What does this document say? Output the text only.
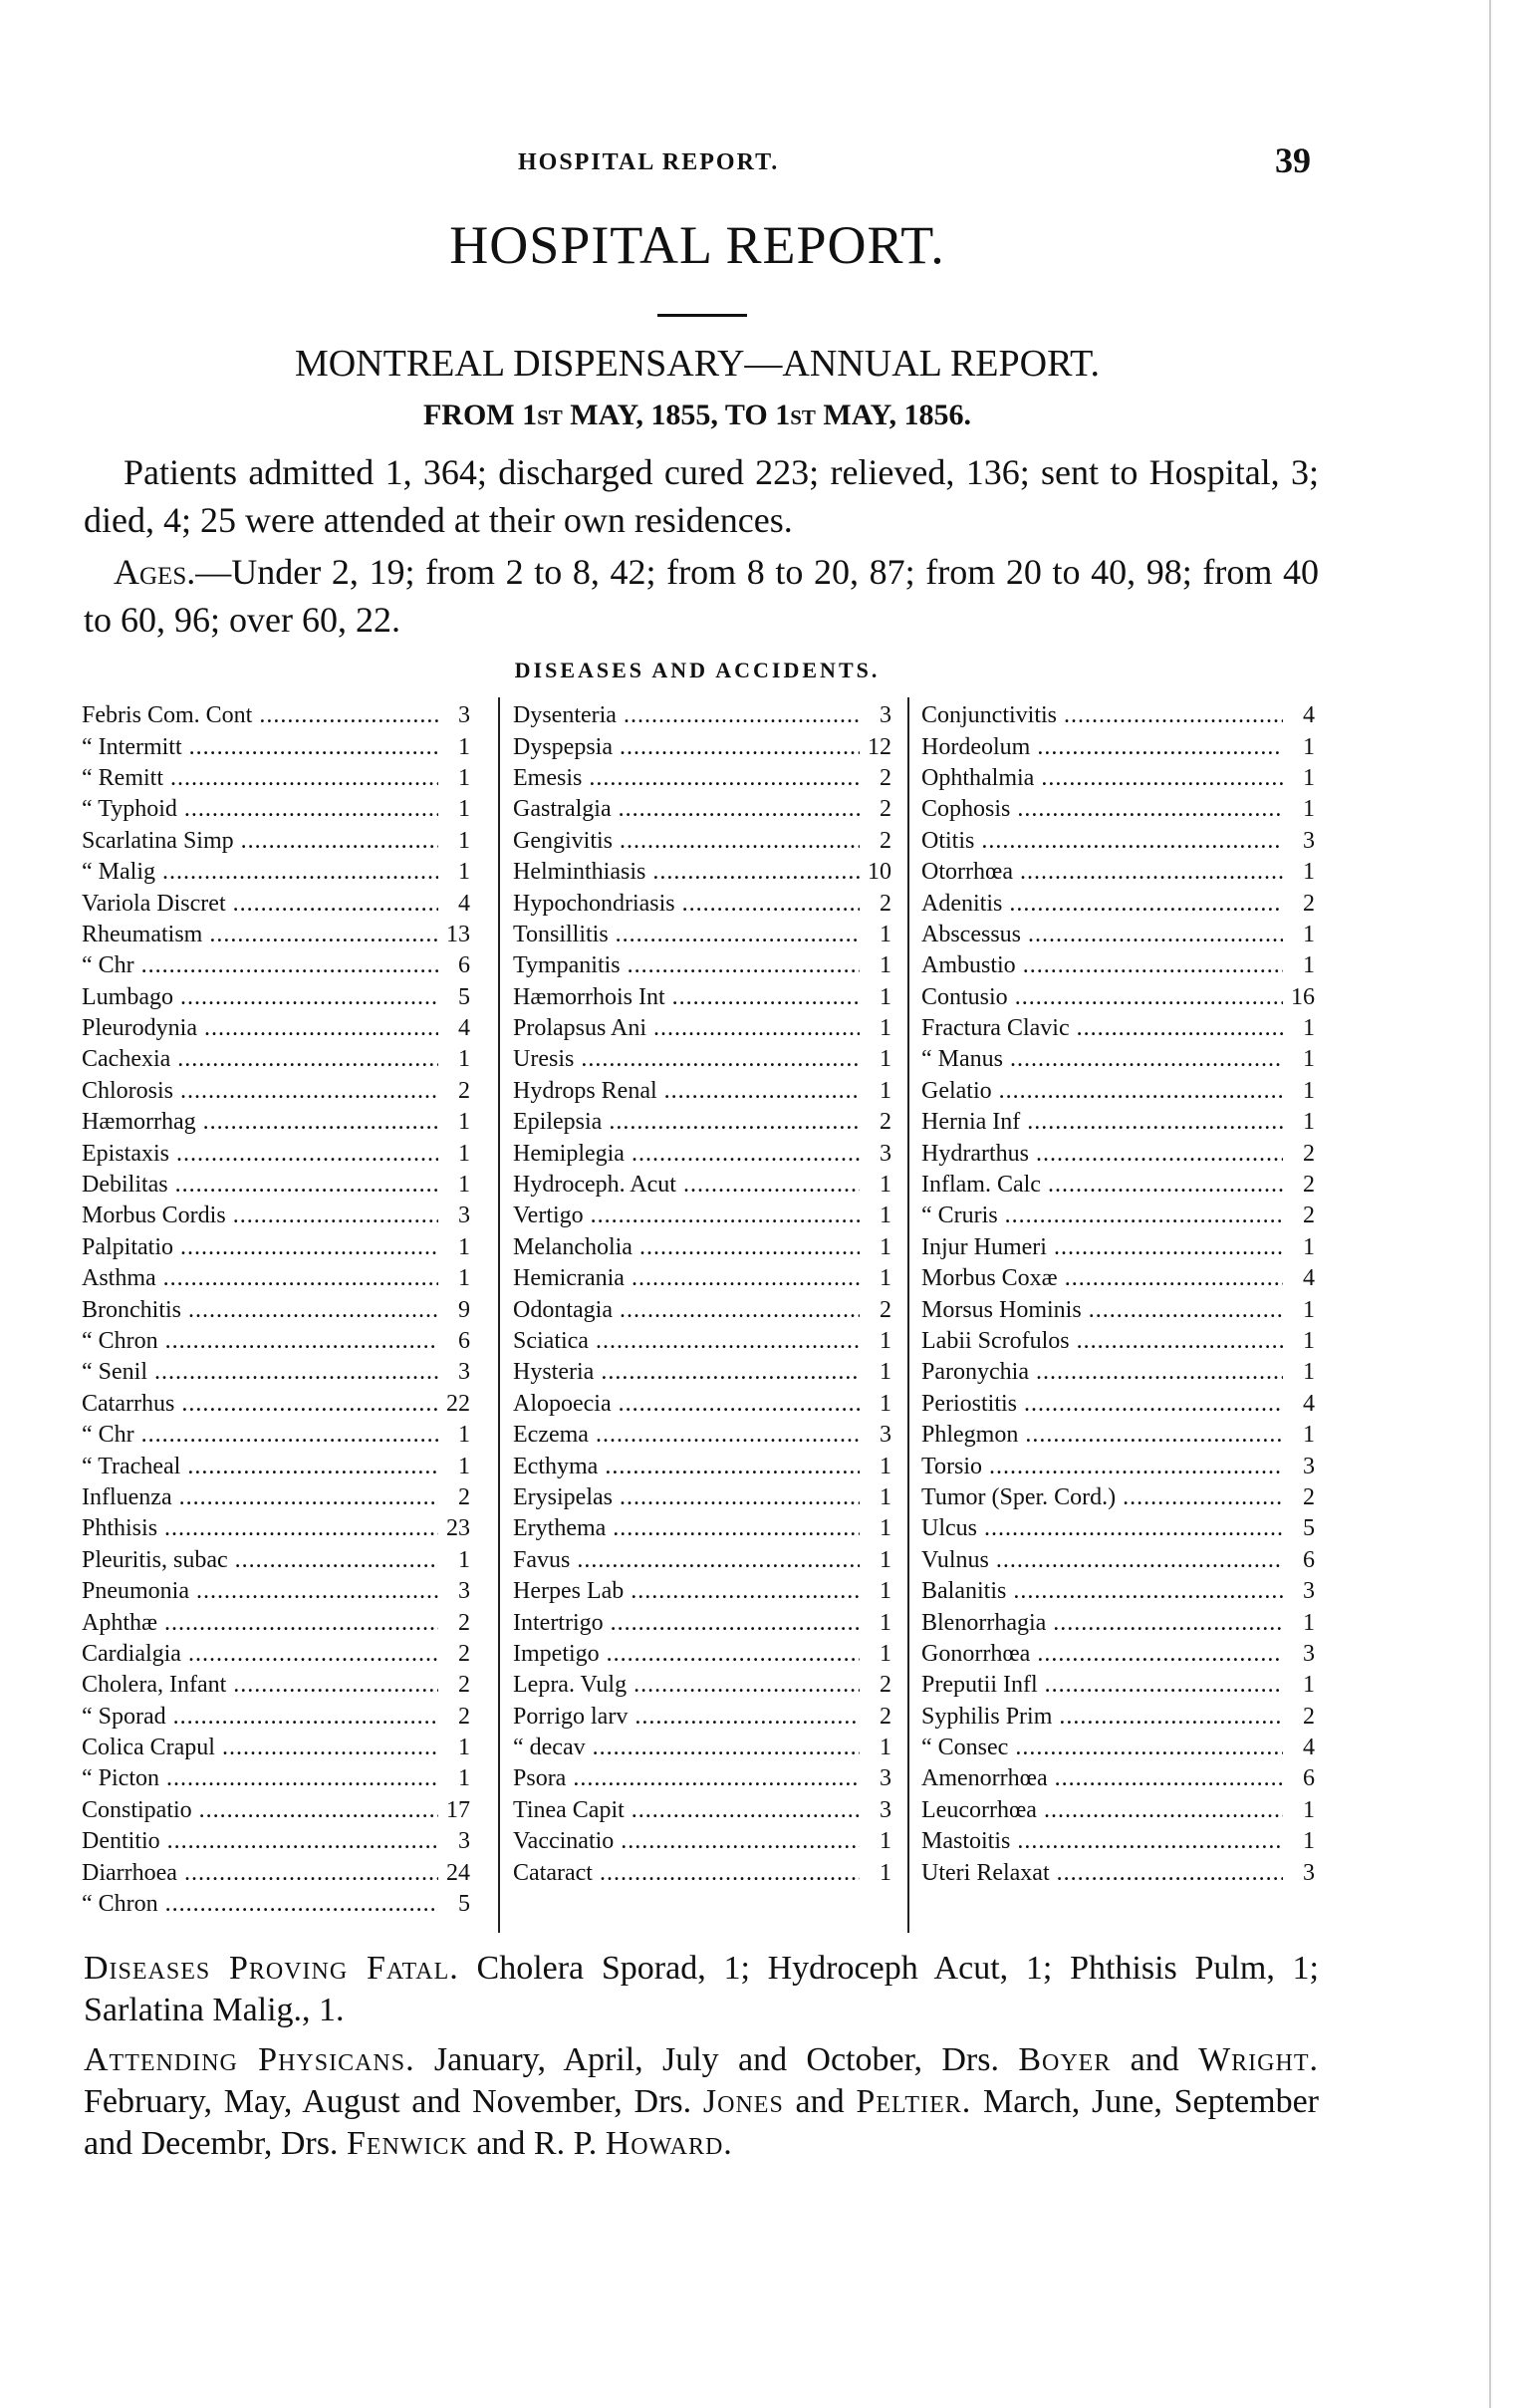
HOSPITAL REPORT.	39
HOSPITAL REPORT.
MONTREAL DISPENSARY—ANNUAL REPORT.
FROM 1st MAY, 1855, TO 1st MAY, 1856.
Patients admitted 1, 364; discharged cured 223; relieved, 136; sent to Hospital, 3; died, 4; 25 were attended at their own residences.
Ages.—Under 2, 19; from 2 to 8, 42; from 8 to 20, 87; from 20 to 40, 98; from 40 to 60, 96; over 60, 22.
DISEASES AND ACCIDENTS.
Febris Com. Cont .....	3
“ Intermitt .....	1
“ Remitt .....	1
“ Typhoid .....	1
Scarlatina Simp .....	1
“ Malig .....	1
Variola Discret .....	4
Rheumatism .....	13
“ Chr .....	6
Lumbago .....	5
Pleurodynia .....	4
Cachexia .....	1
Chlorosis .....	2
Hæmorrhag .....	1
Epistaxis .....	1
Debilitas .....	1
Morbus Cordis .....	3
Palpitatio .....	1
Asthma .....	1
Bronchitis .....	9
“ Chron .....	6
“ Senil .....	3
Catarrhus .....	22
“ Chr .....	1
“ Tracheal .....	1
Influenza .....	2
Phthisis .....	23
Pleuritis, subac .....	1
Pneumonia .....	3
Aphthæ .....	2
Cardialgia .....	2
Cholera, Infant .....	2
“ Sporad .....	2
Colica Crapul .....	1
“ Picton .....	1
Constipatio .....	17
Dentitio .....	3
Diarrhoea .....	24
“ Chron .....	5
Dysenteria .....	3
Dyspepsia .....	12
Emesis .....	2
Gastralgia .....	2
Gengivitis .....	2
Helminthiasis .....	10
Hypochondriasis .....	2
Tonsillitis .....	1
Tympanitis .....	1
Hæmorrhois Int .....	1
Prolapsus Ani .....	1
Uresis .....	1
Hydrops Renal .....	1
Epilepsia .....	2
Hemiplegia .....	3
Hydroceph. Acut .....	1
Vertigo .....	1
Melancholia .....	1
Hemicrania .....	1
Odontagia .....	2
Sciatica .....	1
Hysteria .....	1
Alopoecia .....	1
Eczema .....	3
Ecthyma .....	1
Erysipelas .....	1
Erythema .....	1
Favus .....	1
Herpes Lab .....	1
Intertrigo .....	1
Impetigo .....	1
Lepra. Vulg .....	2
Porrigo larv .....	2
“ decav .....	1
Psora .....	3
Tinea Capit .....	3
Vaccinatio .....	1
Cataract .....	1
Conjunctivitis .....	4
Hordeolum .....	1
Ophthalmia .....	1
Cophosis .....	1
Otitis .....	3
Otorrhœa .....	1
Adenitis .....	2
Abscessus .....	1
Ambustio .....	1
Contusio .....	16
Fractura Clavic .....	1
“ Manus .....	1
Gelatio .....	1
Hernia Inf .....	1
Hydrarthus .....	2
Inflam. Calc .....	2
“ Cruris .....	2
Injur Humeri .....	1
Morbus Coxæ .....	4
Morsus Hominis .....	1
Labii Scrofulos .....	1
Paronychia .....	1
Periostitis .....	4
Phlegmon .....	1
Torsio .....	3
Tumor (Sper. Cord.) .....	2
Ulcus .....	5
Vulnus .....	6
Balanitis .....	3
Blenorrhagia .....	1
Gonorrhœa .....	3
Preputii Infl .....	1
Syphilis Prim .....	2
“ Consec .....	4
Amenorrhœa .....	6
Leucorrhœa .....	1
Mastoitis .....	1
Uteri Relaxat .....	3
Diseases Proving Fatal. Cholera Sporad, 1; Hydroceph Acut, 1; Phthisis Pulm, 1; Sarlatina Malig., 1.
Attending Physicans. January, April, July and October, Drs. Boyer and Wright. February, May, August and November, Drs. Jones and Peltier. March, June, September and Decembr, Drs. Fenwick and R. P. Howard.
